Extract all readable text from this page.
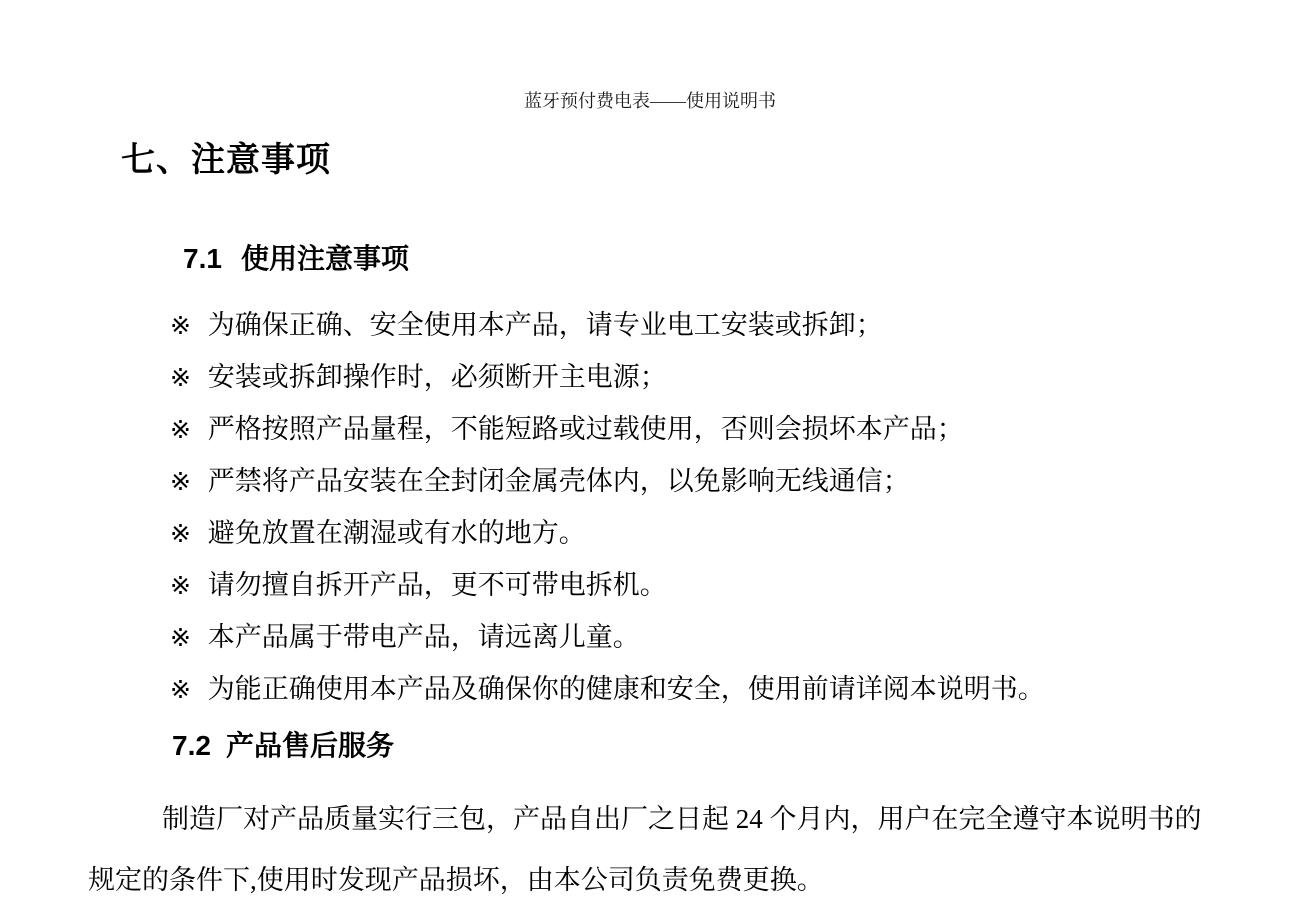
蓝牙预付费电表——使用说明书
七、注意事项
7.1 使用注意事项
※ 为确保正确、安全使用本产品，请专业电工安装或拆卸；
※ 安装或拆卸操作时，必须断开主电源；
※ 严格按照产品量程，不能短路或过载使用，否则会损坏本产品；
※ 严禁将产品安装在全封闭金属壳体内，以免影响无线通信；
※ 避免放置在潮湿或有水的地方。
※ 请勿擅自拆开产品，更不可带电拆机。
※ 本产品属于带电产品，请远离儿童。
※ 为能正确使用本产品及确保你的健康和安全，使用前请详阅本说明书。
7.2 产品售后服务

制造厂对产品质量实行三包，产品自出厂之日起 24 个月内，用户在完全遵守本说明书的
规定的条件下,使用时发现产品损坏，由本公司负责免费更换。
